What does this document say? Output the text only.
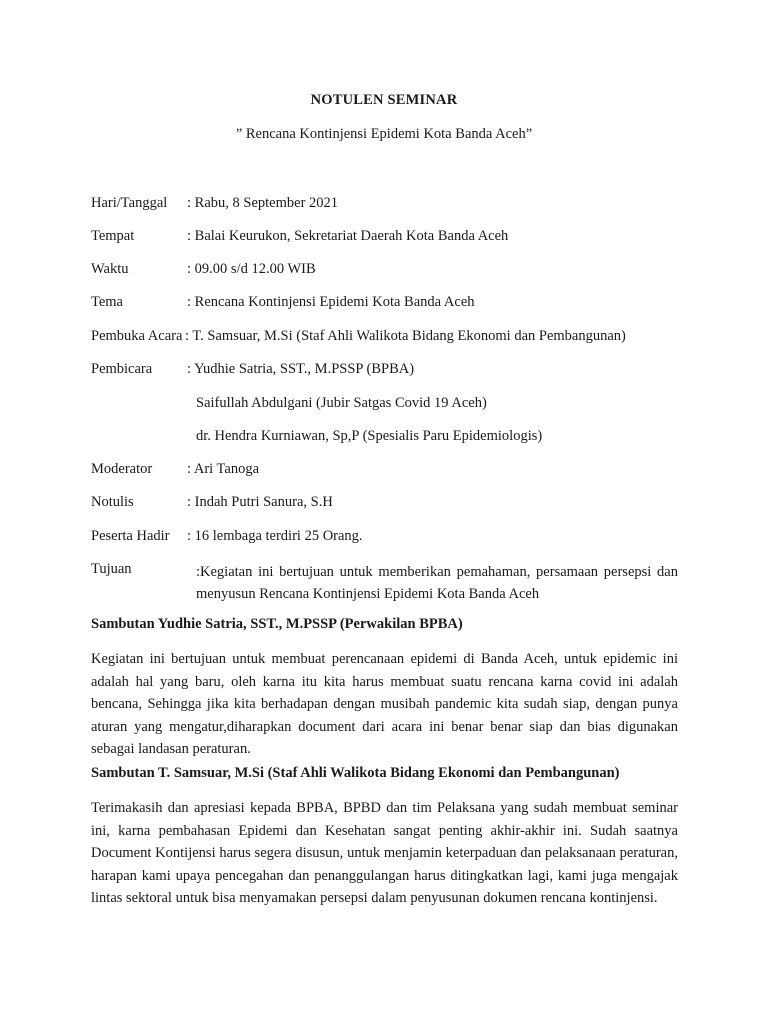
NOTULEN SEMINAR
” Rencana Kontinjensi Epidemi Kota Banda Aceh”
Hari/Tanggal : Rabu, 8 September 2021
Tempat	: Balai Keurukon, Sekretariat Daerah Kota Banda Aceh
Waktu	: 09.00 s/d 12.00 WIB
Tema	: Rencana Kontinjensi Epidemi Kota Banda Aceh
Pembuka Acara : T. Samsuar, M.Si (Staf Ahli Walikota Bidang Ekonomi dan Pembangunan)
Pembicara : Yudhie Satria, SST., M.PSSP (BPBA)
Saifullah Abdulgani (Jubir Satgas Covid 19 Aceh)
dr. Hendra Kurniawan, Sp,P (Spesialis Paru Epidemiologis)
Moderator : Ari Tanoga
Notulis	: Indah Putri Sanura, S.H
Peserta Hadir : 16 lembaga terdiri 25 Orang.
Tujuan	:Kegiatan ini bertujuan untuk memberikan pemahaman, persamaan persepsi dan menyusun Rencana Kontinjensi Epidemi Kota Banda Aceh
Sambutan Yudhie Satria, SST., M.PSSP (Perwakilan BPBA)
Kegiatan ini bertujuan untuk membuat perencanaan epidemi di Banda Aceh, untuk epidemic ini adalah hal yang baru, oleh karna itu kita harus membuat suatu rencana karna covid ini adalah bencana, Sehingga jika kita berhadapan dengan musibah pandemic kita sudah siap, dengan punya aturan yang mengatur,diharapkan document dari acara ini benar benar siap dan bias digunakan sebagai landasan peraturan.
Sambutan T. Samsuar, M.Si (Staf Ahli Walikota Bidang Ekonomi dan Pembangunan)
Terimakasih dan apresiasi kepada BPBA, BPBD dan tim Pelaksana yang sudah membuat seminar ini, karna pembahasan Epidemi dan Kesehatan sangat penting akhir-akhir ini. Sudah saatnya Document Kontijensi harus segera disusun, untuk menjamin keterpaduan dan pelaksanaan peraturan, harapan kami upaya pencegahan dan penanggulangan harus ditingkatkan lagi, kami juga mengajak lintas sektoral untuk bisa menyamakan persepsi dalam penyusunan dokumen rencana kontinjensi.
